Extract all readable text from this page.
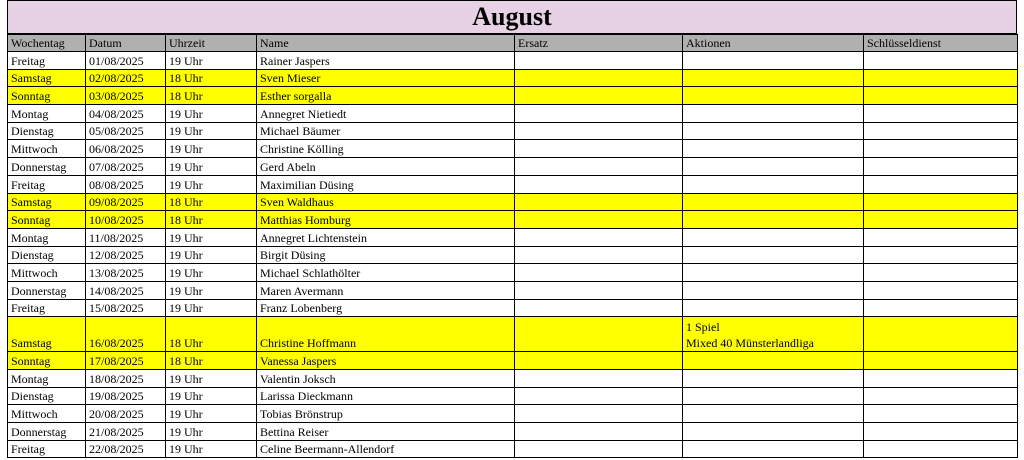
August
Wochentag	Datum	Uhrzeit	Name	Ersatz	Aktionen	Schlüsseldienst
Freitag	01/08/2025	19 Uhr	Rainer Jaspers			
Samstag	02/08/2025	18 Uhr	Sven Mieser			
Sonntag	03/08/2025	18 Uhr	Esther sorgalla			
Montag	04/08/2025	19 Uhr	Annegret Nietiedt			
Dienstag	05/08/2025	19 Uhr	Michael Bäumer			
Mittwoch	06/08/2025	19 Uhr	Christine Kölling			
Donnerstag	07/08/2025	19 Uhr	Gerd Abeln			
Freitag	08/08/2025	19 Uhr	Maximilian Düsing			
Samstag	09/08/2025	18 Uhr	Sven Waldhaus			
Sonntag	10/08/2025	18 Uhr	Matthias Homburg			
Montag	11/08/2025	19 Uhr	Annegret Lichtenstein			
Dienstag	12/08/2025	19 Uhr	Birgit Düsing			
Mittwoch	13/08/2025	19 Uhr	Michael Schlathölter			
Donnerstag	14/08/2025	19 Uhr	Maren Avermann			
Freitag	15/08/2025	19 Uhr	Franz Lobenberg			
Samstag	16/08/2025	18 Uhr	Christine Hoffmann		1 Spiel
Mixed 40 Münsterlandliga	

Sonntag	17/08/2025	18 Uhr	Vanessa Jaspers			
Montag	18/08/2025	19 Uhr	Valentin Joksch			
Dienstag	19/08/2025	19 Uhr	Larissa Dieckmann			
Mittwoch	20/08/2025	19 Uhr	Tobias Brönstrup			
Donnerstag	21/08/2025	19 Uhr	Bettina Reiser			
Freitag	22/08/2025	19 Uhr	Celine Beermann-Allendorf			
